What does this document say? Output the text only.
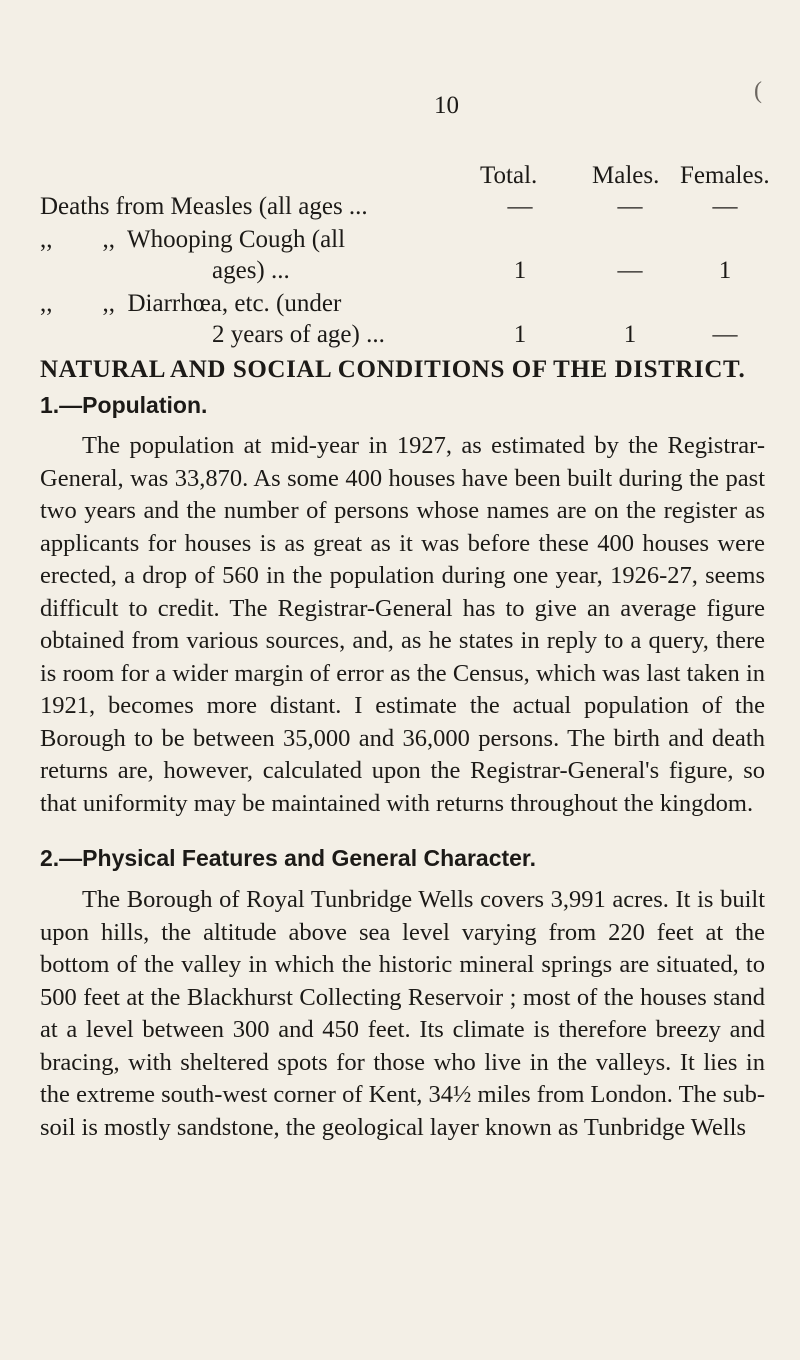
10
(
Total. Males. Females.
Deaths from Measles (all ages ...	—	—	—
,,        ,,  Whooping Cough (all
ages) ...	1	—	1
,,        ,,  Diarrhœa, etc. (under
2 years of age) ...	1	1	—
NATURAL AND SOCIAL CONDITIONS OF THE DISTRICT.
1.—Population.

The population at mid-year in 1927, as estimated by the Registrar-General, was 33,870. As some 400 houses have been built during the past two years and the number of persons whose names are on the register as applicants for houses is as great as it was before these 400 houses were erected, a drop of 560 in the population during one year, 1926-27, seems difficult to credit. The Registrar-General has to give an average figure obtained from various sources, and, as he states in reply to a query, there is room for a wider margin of error as the Census, which was last taken in 1921, becomes more distant. I estimate the actual population of the Borough to be between 35,000 and 36,000 persons. The birth and death returns are, however, calculated upon the Registrar-General's figure, so that uniformity may be maintained with returns throughout the kingdom.

2.—Physical Features and General Character.

The Borough of Royal Tunbridge Wells covers 3,991 acres. It is built upon hills, the altitude above sea level varying from 220 feet at the bottom of the valley in which the historic mineral springs are situated, to 500 feet at the Blackhurst Collecting Reservoir ; most of the houses stand at a level between 300 and 450 feet. Its climate is therefore breezy and bracing, with sheltered spots for those who live in the valleys. It lies in the extreme south-west corner of Kent, 34½ miles from London. The sub-soil is mostly sandstone, the geological layer known as Tunbridge Wells
